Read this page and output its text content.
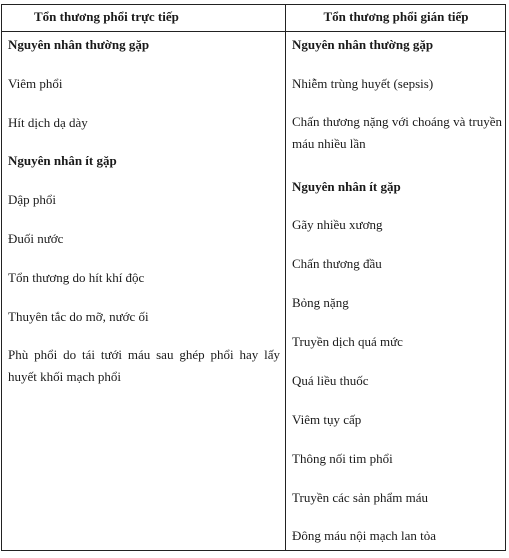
Tổn thương phổi trực tiếp	Tổn thương phổi gián tiếp
Nguyên nhân thường gặp
Viêm phổi
Hít dịch dạ dày
Nguyên nhân ít gặp
Dập phổi
Đuối nước
Tổn thương do hít khí độc
Thuyên tắc do mỡ, nước ối
Phù phổi do tái tưới máu sau ghép phổi hay lấy huyết khối mạch phổi
Nguyên nhân thường gặp
Nhiễm trùng huyết (sepsis)
Chấn thương nặng với choáng và truyền máu nhiều lần
Nguyên nhân ít gặp
Gãy nhiều xương
Chấn thương đầu
Bỏng nặng
Truyền dịch quá mức
Quá liều thuốc
Viêm tụy cấp
Thông nối tim phổi
Truyền các sản phẩm máu
Đông máu nội mạch lan tỏa
